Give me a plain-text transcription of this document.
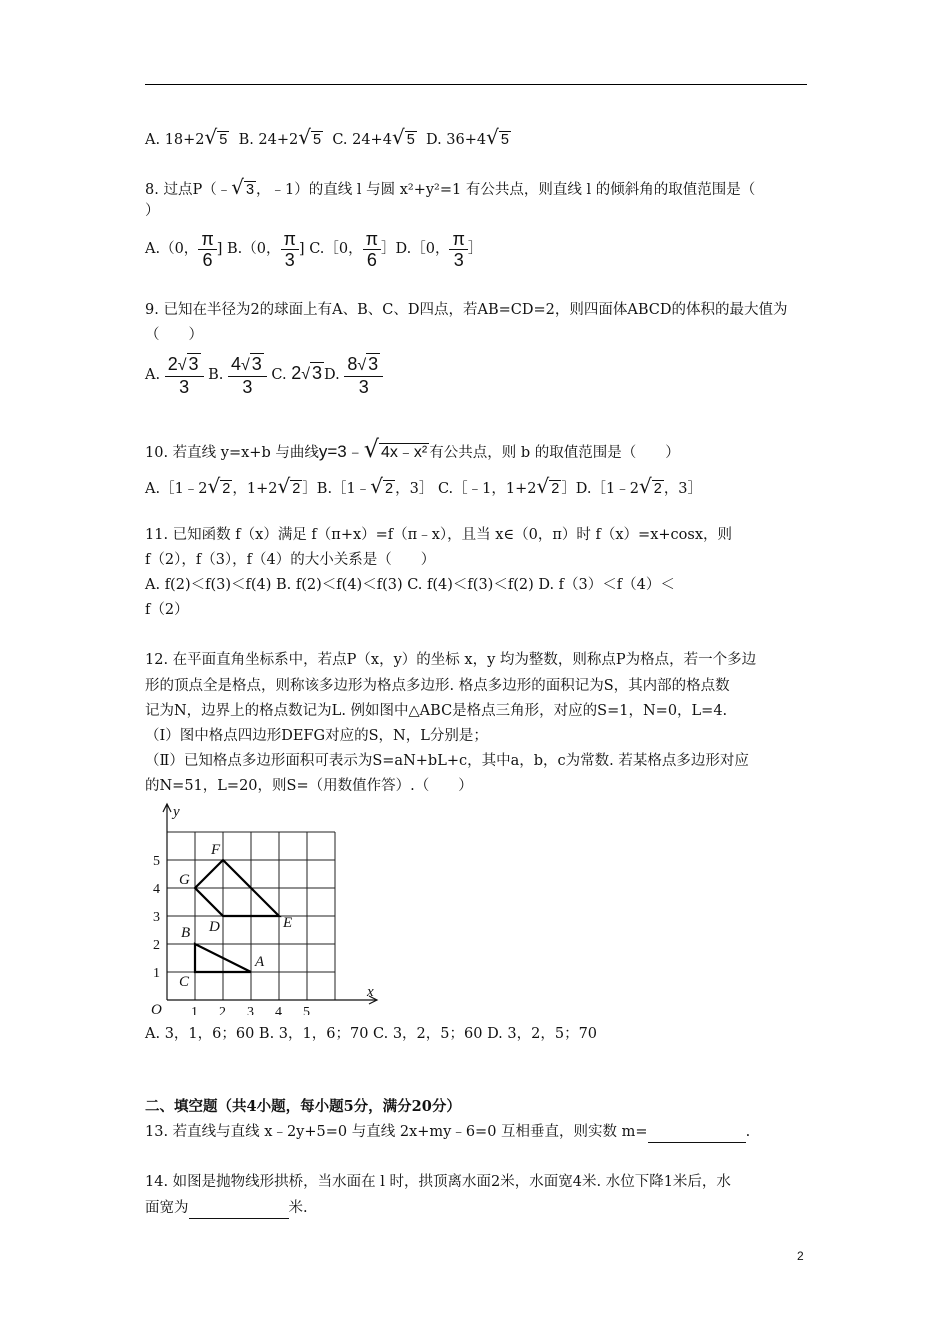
A. 18+2√ 5 B. 24+2√ 5 C. 24+4√ 5 D. 36+4√ 5
8. 过点P（﹣√ 3 ，﹣1）的直线 l 与圆 x²+y²=1 有公共点，则直线 l 的倾斜角的取值范围是（
）
A.（0， $\frac{\pi}{6}$ ] B.（0， $\frac{\pi}{3}$ ] C.［0， $\frac{\pi}{6}$ ］D.［0， $\frac{\pi}{3}$ ］
9. 已知在半径为2的球面上有A、B、C、D四点，若AB=CD=2，则四面体ABCD的体积的最大值为
（　　）
A. $\frac{2√ 3}{3} B$. $\frac{4√ 3}{3} C$. 2√ 3 D. $\frac{8√ 3}{3}$
10. 若直线 y=x+b 与曲线y=3﹣√ 4x﹣x² 有公共点，则 b 的取值范围是（　　）
A.［1﹣2√ 2 ，1+2√ 2 ］B.［1﹣√ 2 ，3］ C.［﹣1，1+2√ 2 ］D.［1﹣2√ 2 ，3］
11. 已知函数 f（x）满足 f（π+x）=f（π﹣x），且当 x∈（0，π）时 f（x）=x+cosx，则
f（2），f（3），f（4）的大小关系是（　　）
A. f(2)＜f(3)＜f(4) B. f(2)＜f(4)＜f(3) C. f(4)＜f(3)＜f(2) D. f（3）＜f（4）＜
f（2）
12. 在平面直角坐标系中，若点P（x，y）的坐标 x，y 均为整数，则称点P为格点，若一个多边
形的顶点全是格点，则称该多边形为格点多边形. 格点多边形的面积记为S，其内部的格点数
记为N，边界上的格点数记为L. 例如图中△ABC是格点三角形，对应的S=1，N=0，L=4.
（Ⅰ）图中格点四边形DEFG对应的S，N，L分别是；
（Ⅱ）已知格点多边形面积可表示为S=aN+bL+c，其中a，b，c为常数. 若某格点多边形对应
的N=51，L=20，则S=（用数值作答）.（　　）
x
y
O
F
G
D	E
B
A
C
1 2 3 4 5
1
2
3
4
5
A. 3，1，6；60 B. 3，1，6；70 C. 3，2，5；60 D. 3，2，5；70
二、填空题（共4小题，每小题5分，满分20分）
13. 若直线与直线 x﹣2y+5=0 与直线 2x+my﹣6=0 互相垂直，则实数 m=	.
14. 如图是抛物线形拱桥，当水面在 l 时，拱顶离水面2米，水面宽4米. 水位下降1米后，水
面宽为	米.
2
